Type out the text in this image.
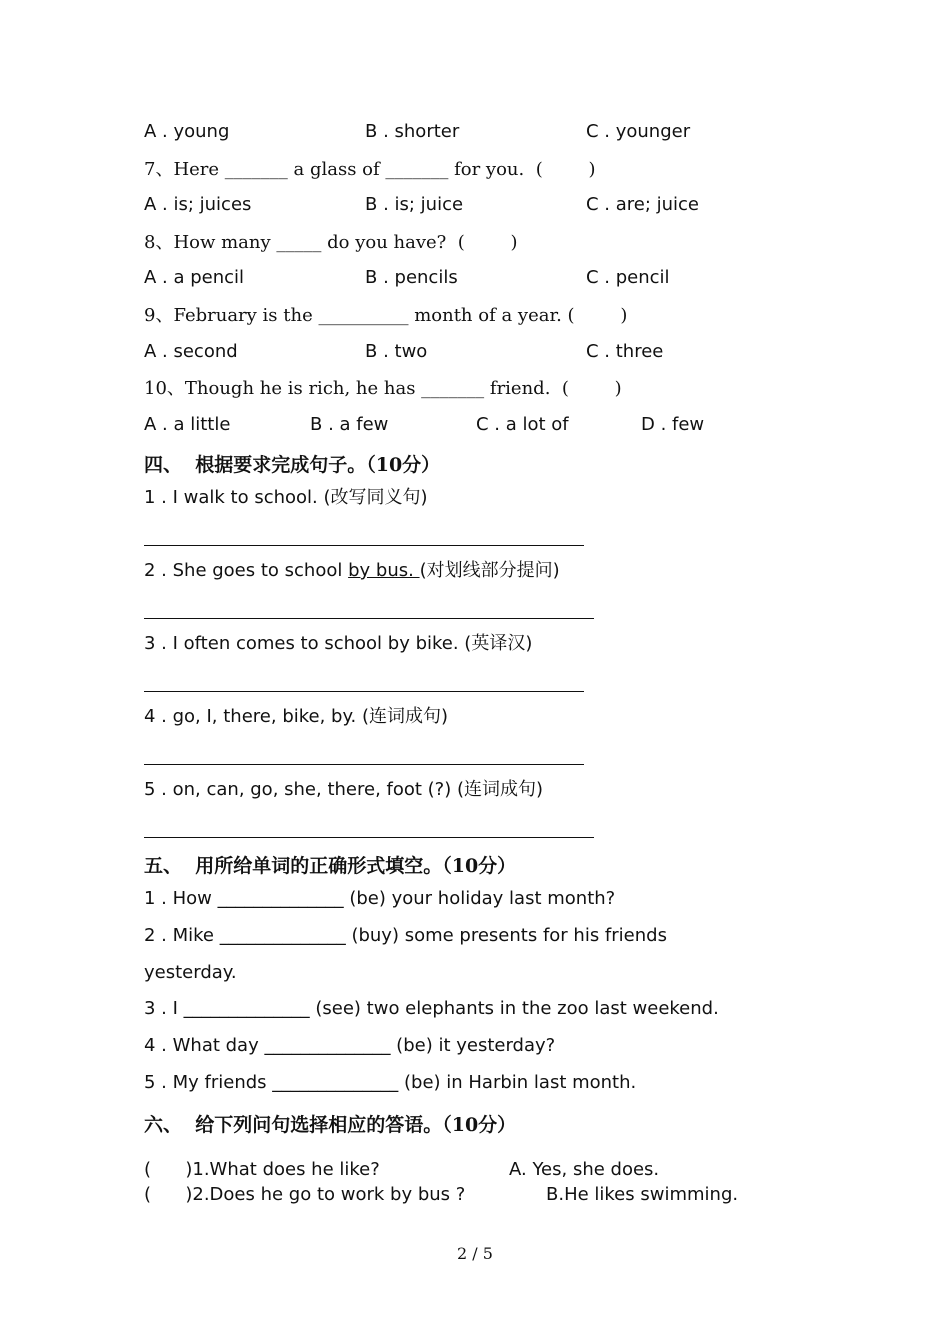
A . young	B . shorter	C . younger
7、Here _______ a glass of _______ for you.  (        )
A . is; juices	B . is; juice	C . are; juice
8、How many _____ do you have?  (        )
A . a pencil	B . pencils	C . pencil
9、February is the __________ month of a year. (        )
A . second	B . two	C . three
10、Though he is rich, he has _______ friend.  (        )
A . a little	B . a few	C . a lot of	D . few
四、  根据要求完成句子。（10分）
1 . I walk to school. (改写同义句)
2 . She goes to school by bus. (对划线部分提问)
3 . I often comes to school by bike. (英译汉)
4 . go, I, there, bike, by. (连词成句)
5 . on, can, go, she, there, foot (?) (连词成句)
五、  用所给单词的正确形式填空。（10分）
1 . How ______________ (be) your holiday last month?
2 . Mike ______________ (buy) some presents for his friends
yesterday.
3 . I ______________ (see) two elephants in the zoo last weekend.
4 . What day ______________ (be) it yesterday?
5 . My friends ______________ (be) in Harbin last month.
六、  给下列问句选择相应的答语。（10分）
(      )1.What does he like?	A. Yes, she does.
(      )2.Does he go to work by bus ?	B.He likes swimming.
2 / 5
